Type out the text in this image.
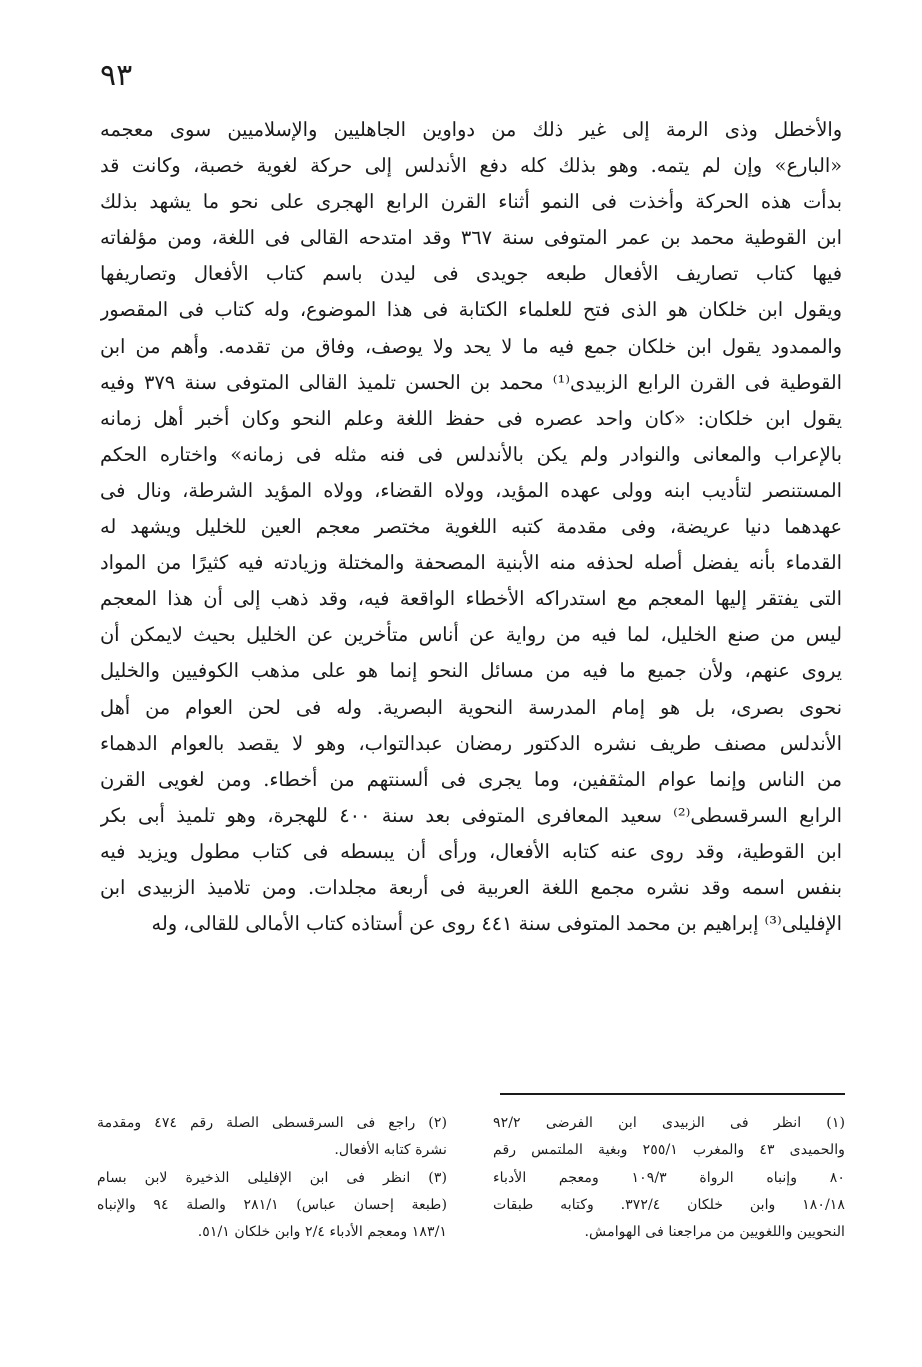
٩٣
والأخطل وذى الرمة إلى غير ذلك من دواوين الجاهليين والإسلاميين سوى معجمه
«البارع» وإن لم يتمه. وهو بذلك كله دفع الأندلس إلى حركة لغوية خصبة، وكانت قد
بدأت هذه الحركة وأخذت فى النمو أثناء القرن الرابع الهجرى على نحو ما يشهد بذلك
ابن القوطية محمد بن عمر المتوفى سنة ٣٦٧ وقد امتدحه القالى فى اللغة، ومن مؤلفاته
فيها كتاب تصاريف الأفعال طبعه جويدى فى ليدن باسم كتاب الأفعال وتصاريفها
ويقول ابن خلكان هو الذى فتح للعلماء الكتابة فى هذا الموضوع، وله كتاب فى المقصور
والممدود يقول ابن خلكان جمع فيه ما لا يحد ولا يوصف، وفاق من تقدمه. وأهم من ابن
القوطية فى القرن الرابع الزبيدى⁽¹⁾ محمد بن الحسن تلميذ القالى المتوفى سنة ٣٧٩ وفيه
يقول ابن خلكان: «كان واحد عصره فى حفظ اللغة وعلم النحو وكان أخبر أهل زمانه
بالإعراب والمعانى والنوادر ولم يكن بالأندلس فى فنه مثله فى زمانه» واختاره الحكم
المستنصر لتأديب ابنه وولى عهده المؤيد، وولاه القضاء، وولاه المؤيد الشرطة، ونال فى
عهدهما دنيا عريضة، وفى مقدمة كتبه اللغوية مختصر معجم العين للخليل ويشهد له
القدماء بأنه يفضل أصله لحذفه منه الأبنية المصحفة والمختلة وزيادته فيه كثيرًا من المواد
التى يفتقر إليها المعجم مع استدراكه الأخطاء الواقعة فيه، وقد ذهب إلى أن هذا المعجم
ليس من صنع الخليل، لما فيه من رواية عن أناس متأخرين عن الخليل بحيث لايمكن أن
يروى عنهم، ولأن جميع ما فيه من مسائل النحو إنما هو على مذهب الكوفيين والخليل
نحوى بصرى، بل هو إمام المدرسة النحوية البصرية. وله فى لحن العوام من أهل
الأندلس مصنف طريف نشره الدكتور رمضان عبدالتواب، وهو لا يقصد بالعوام الدهماء
من الناس وإنما عوام المثقفين، وما يجرى فى ألسنتهم من أخطاء. ومن لغويى القرن
الرابع السرقسطى⁽²⁾ سعيد المعافرى المتوفى بعد سنة ٤٠٠ للهجرة، وهو تلميذ أبى بكر
ابن القوطية، وقد روى عنه كتابه الأفعال، ورأى أن يبسطه فى كتاب مطول ويزيد فيه
بنفس اسمه وقد نشره مجمع اللغة العربية فى أربعة مجلدات. ومن تلاميذ الزبيدى ابن
الإفليلى⁽³⁾ إبراهيم بن محمد المتوفى سنة ٤٤١ روى عن أستاذه كتاب الأمالى للقالى، وله
(١) انظر فى الزبيدى ابن الفرضى ٩٢/٢
والحميدى ٤٣ والمغرب ٢٥٥/١ وبغية الملتمس رقم
٨٠ وإنباه الرواة ١٠٩/٣ ومعجم الأدباء
١٨٠/١٨ وابن خلكان ٣٧٢/٤. وكتابه طبقات
النحويين واللغويين من مراجعنا فى الهوامش.
(٢) راجع فى السرقسطى الصلة رقم ٤٧٤ ومقدمة
نشرة كتابه الأفعال.
(٣) انظر فى ابن الإفليلى الذخيرة لابن بسام
(طبعة إحسان عباس) ٢٨١/١ والصلة ٩٤ والإنباه
١٨٣/١ ومعجم الأدباء ٢/٤ وابن خلكان ٥١/١.
